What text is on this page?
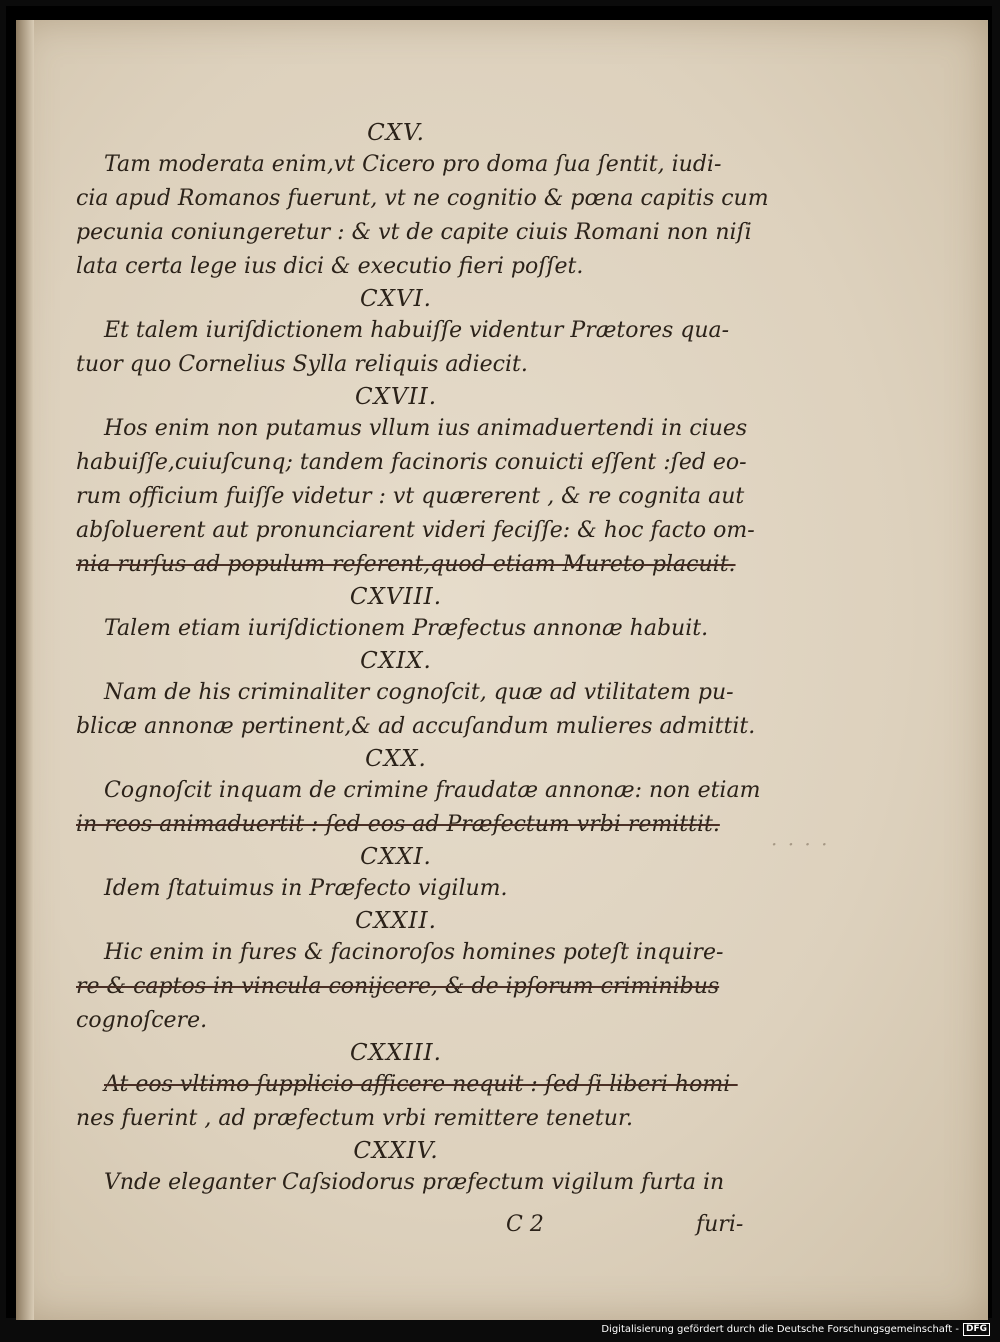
CXV.
Tam moderata enim,vt Cicero pro doma ſua ſentit, iudi-
cia apud Romanos fuerunt, vt ne cognitio & pœna capitis cum
pecunia coniungeretur : & vt de capite ciuis Romani non niſi
lata certa lege ius dici & executio fieri poſſet.
CXVI.
Et talem iuriſdictionem habuiſſe videntur Prætores qua-
tuor quo Cornelius Sylla reliquis adiecit.
CXVII.
Hos enim non putamus vllum ius animaduertendi in ciues
habuiſſe,cuiuſcunq; tandem facinoris conuicti eſſent :ſed eo-
rum officium fuiſſe videtur : vt quærerent , & re cognita aut
abſoluerent aut pronunciarent videri feciſſe: & hoc facto om-
nia rurſus ad populum referent,quod etiam Mureto placuit.
CXVIII.
Talem etiam iuriſdictionem Præfectus annonæ habuit.
CXIX.
Nam de his criminaliter cognoſcit, quæ ad vtilitatem pu-
blicæ annonæ pertinent,& ad accuſandum mulieres admittit.
CXX.
Cognoſcit inquam de crimine fraudatæ annonæ: non etiam
in reos animaduertit : ſed eos ad Præfectum vrbi remittit.
CXXI.
Idem ſtatuimus in Præfecto vigilum.
CXXII.
Hic enim in fures & facinoroſos homines poteſt inquire-
re & captos in vincula conijcere, & de ipſorum criminibus
cognoſcere.
CXXIII.
At eos vltimo ſupplicio afficere nequit : ſed ſi liberi homi-
nes fuerint , ad præfectum vrbi remittere tenetur.
CXXIV.
Vnde eleganter Caſsiodorus præfectum vigilum furta in
C 2	furi-
· · · ·
Digitalisierung gefördert durch die Deutsche Forschungsgemeinschaft - DFG
